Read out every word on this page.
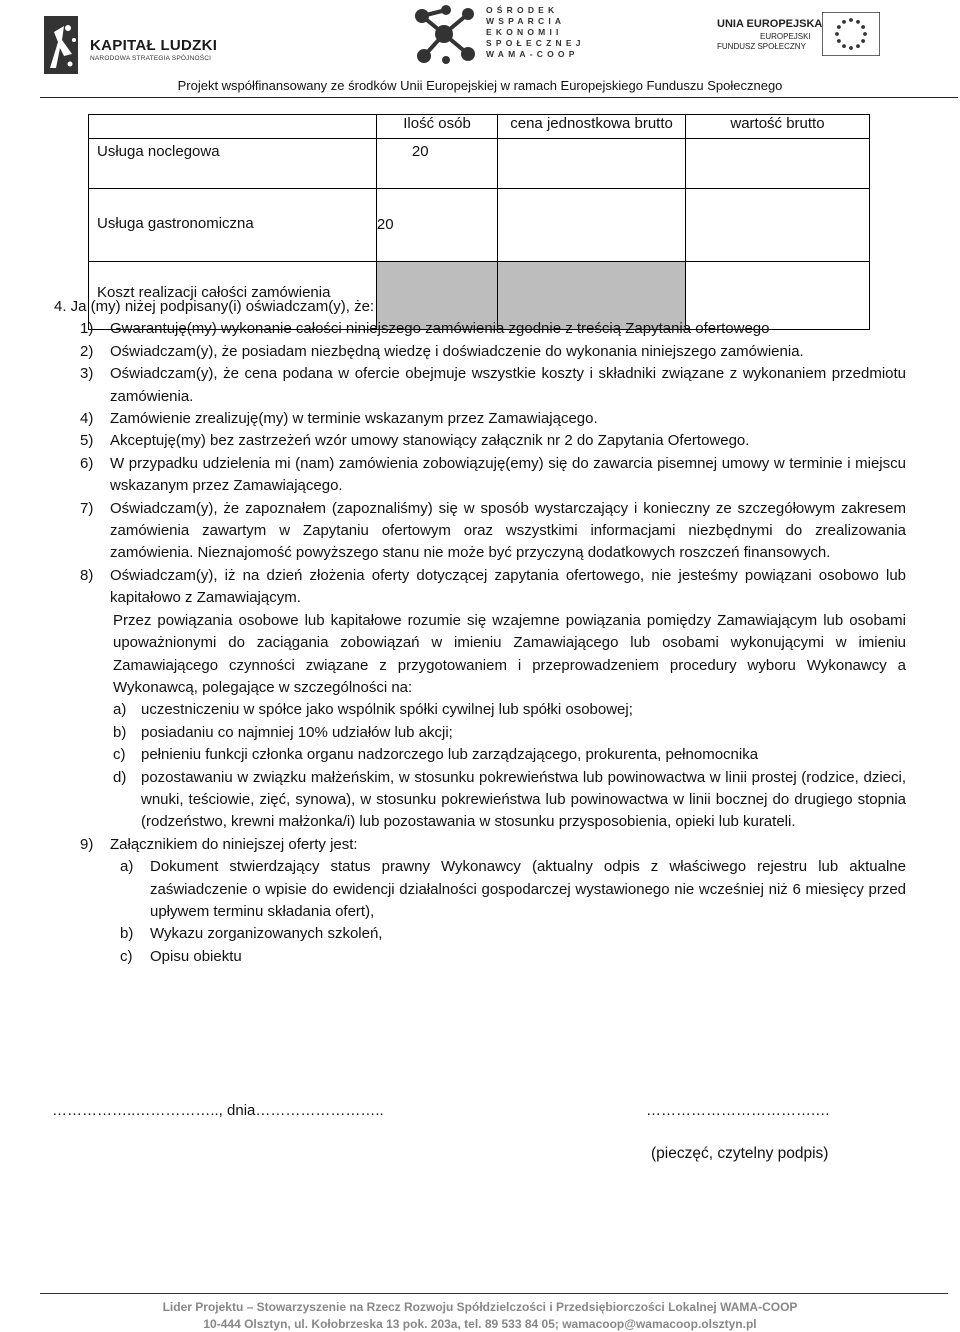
KAPITAŁ LUDZKI
NARODOWA STRATEGIA SPÓJNOŚCI
OŚRODEK
WSPARCIA
EKONOMII
SPOŁECZNEJ
WAMA-COOP
UNIA EUROPEJSKA
EUROPEJSKI
FUNDUSZ SPOŁECZNY
Projekt współfinansowany ze środków Unii Europejskiej w ramach Europejskiego Funduszu Społecznego
	Ilość osób	cena jednostkowa brutto	wartość brutto
Usługa noclegowa	20		
Usługa gastronomiczna	20		
Koszt realizacji całości zamówienia			
4. Ja (my) niżej podpisany(i) oświadczam(y), że:
1)	Gwarantuję(my) wykonanie całości niniejszego zamówienia zgodnie z treścią Zapytania ofertowego
2)	Oświadczam(y), że posiadam niezbędną wiedzę i doświadczenie do wykonania niniejszego zamówienia.
3)	Oświadczam(y), że cena podana w ofercie obejmuje wszystkie koszty i składniki związane z wykonaniem przedmiotu zamówienia.
4)	Zamówienie zrealizuję(my) w terminie wskazanym przez Zamawiającego.
5)	Akceptuję(my) bez zastrzeżeń wzór umowy stanowiący załącznik nr 2 do Zapytania Ofertowego.
6)	W przypadku udzielenia mi (nam) zamówienia zobowiązuję(emy) się do zawarcia pisemnej umowy w terminie i miejscu wskazanym przez Zamawiającego.
7)	Oświadczam(y), że zapoznałem (zapoznaliśmy) się w sposób wystarczający i konieczny ze szczegółowym zakresem zamówienia zawartym w Zapytaniu ofertowym oraz wszystkimi informacjami niezbędnymi do zrealizowania zamówienia. Nieznajomość powyższego stanu nie może być przyczyną dodatkowych roszczeń finansowych.
8)	Oświadczam(y), iż na dzień złożenia oferty dotyczącej zapytania ofertowego, nie jesteśmy powiązani osobowo lub kapitałowo z Zamawiającym.
Przez powiązania osobowe lub kapitałowe rozumie się wzajemne powiązania pomiędzy Zamawiającym lub osobami upoważnionymi do zaciągania zobowiązań w imieniu Zamawiającego lub osobami wykonującymi w imieniu Zamawiającego czynności związane z przygotowaniem i przeprowadzeniem procedury wyboru Wykonawcy a Wykonawcą, polegające w szczególności na:
a) uczestniczeniu w spółce jako wspólnik spółki cywilnej lub spółki osobowej;
b) posiadaniu co najmniej 10% udziałów lub akcji;
c)	pełnieniu funkcji członka organu nadzorczego lub zarządzającego, prokurenta, pełnomocnika
d) pozostawaniu w związku małżeńskim, w stosunku pokrewieństwa lub powinowactwa w linii prostej (rodzice, dzieci, wnuki, teściowie, zięć, synowa), w stosunku pokrewieństwa lub powinowactwa w linii bocznej do drugiego stopnia (rodzeństwo, krewni małżonka/i) lub pozostawania w stosunku przysposobienia, opieki lub kurateli.
9)	Załącznikiem do niniejszej oferty jest:
a)	Dokument stwierdzający status prawny Wykonawcy (aktualny odpis z właściwego rejestru lub aktualne zaświadczenie o wpisie do ewidencji działalności gospodarczej wystawionego nie wcześniej niż 6 miesięcy przed upływem terminu składania ofert),
b)	Wykazu zorganizowanych szkoleń,
c)	Opisu obiektu
……………..…………….., dnia……………………..	…………………………….…
(pieczęć, czytelny podpis)
Lider Projektu – Stowarzyszenie na Rzecz Rozwoju Spółdzielczości i Przedsiębiorczości Lokalnej WAMA-COOP
10-444 Olsztyn, ul. Kołobrzeska 13 pok. 203a, tel. 89 533 84 05; wamacoop@wamacoop.olsztyn.pl
